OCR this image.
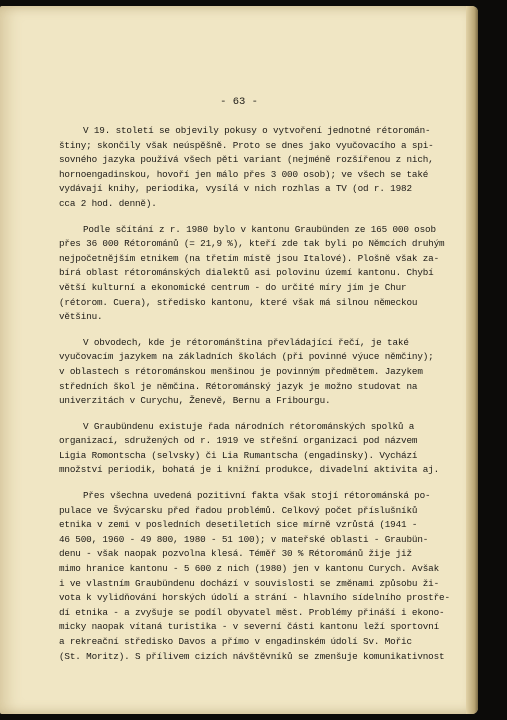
- 63 -
V 19. století se objevily pokusy o vytvoření jednotné rétoromán-
štiny; skončily však neúspěšně. Proto se dnes jako vyučovacího a spi-
sovného jazyka používá všech pěti variant (nejméně rozšířenou z nich,
hornoengadinskou, hovoří jen málo přes 3 000 osob); ve všech se také
vydávají knihy, periodika, vysílá v nich rozhlas a TV (od r. 1982
cca 2 hod. denně).
Podle sčítání z r. 1980 bylo v kantonu Graubünden ze 165 000 osob
přes 36 000 Rétorománů (= 21,9 %), kteří zde tak byli po Němcích druhým
nejpočetnějším etnikem (na třetím místě jsou Italové). Plošně však za-
bírá oblast rétorománských dialektů asi polovinu území kantonu. Chybí
větší kulturní a ekonomické centrum - do určité míry jím je Chur
(rétorom. Cuera), středisko kantonu, které však má silnou německou
většinu.
V obvodech, kde je rétorománština převládající řečí, je také
vyučovacím jazykem na základních školách (při povinné výuce němčiny);
v oblastech s rétorománskou menšinou je povinným předmětem. Jazykem
středních škol je němčina. Rétorománský jazyk je možno studovat na
univerzitách v Curychu, Ženevě, Bernu a Fribourgu.
V Graubündenu existuje řada národních rétorománských spolků a
organizací, sdružených od r. 1919 ve střešní organizaci pod názvem
Ligia Romontscha (selvsky) či Lia Rumantscha (engadinsky). Vychází
množství periodik, bohatá je i knižní produkce, divadelní aktivita aj.
Přes všechna uvedená pozitivní fakta však stojí rétorománská po-
pulace ve Švýcarsku před řadou problémů. Celkový počet příslušníků
etnika v zemi v posledních desetiletích sice mírně vzrůstá (1941 -
46 500, 1960 - 49 800, 1980 - 51 100); v mateřské oblasti - Graubün-
denu - však naopak pozvolna klesá. Téměř 30 % Rétorománů žije již
mimo hranice kantonu - 5 600 z nich (1980) jen v kantonu Curych. Avšak
i ve vlastním Graubündenu dochází v souvislosti se změnami způsobu ži-
vota k vylidňování horských údolí a strání - hlavního sídelního prostře-
dí etnika - a zvyšuje se podíl obyvatel měst. Problémy přináší i ekono-
micky naopak vítaná turistika - v severní části kantonu leží sportovní
a rekreační středisko Davos a přímo v engadinském údolí Sv. Mořic
(St. Moritz). S přílivem cizích návštěvníků se zmenšuje komunikativnost
